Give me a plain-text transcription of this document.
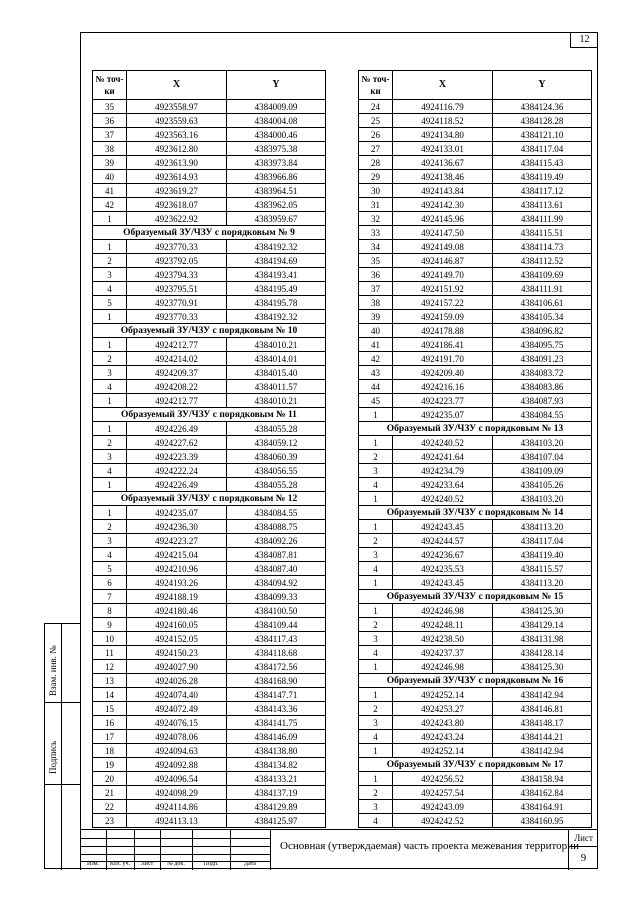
12
№ точ-ки	X	Y
35	4923558.97	4384009.09
36	4923559.63	4384004.08
37	4923563.16	4384000.46
38	4923612.80	4383975.38
39	4923613.90	4383973.84
40	4923614.93	4383966.86
41	4923619.27	4383964.51
42	4923618.07	4383962.05
1	4923622.92	4383959.67
Образуемый ЗУ/ЧЗУ с порядковым № 9		
1	4923770.33	4384192.32
2	4923792.05	4384194.69
3	4923794.33	4384193.41
4	4923795.51	4384195.49
5	4923770.91	4384195.78
1	4923770.33	4384192.32
Образуемый ЗУ/ЧЗУ с порядковым № 10		
1	4924212.77	4384010.21
2	4924214.02	4384014.01
3	4924209.37	4384015.40
4	4924208.22	4384011.57
1	4924212.77	4384010.21
Образуемый ЗУ/ЧЗУ с порядковым № 11		
1	4924226.49	4384055.28
2	4924227.62	4384059.12
3	4924223.39	4384060.39
4	4924222.24	4384056.55
1	4924226.49	4384055.28
Образуемый ЗУ/ЧЗУ с порядковым № 12		
1	4924235.07	4384084.55
2	4924236.30	4384088.75
3	4924223.27	4384092.26
4	4924215.04	4384087.81
5	4924210.96	4384087.40
6	4924193.26	4384094.92
7	4924188.19	4384099.33
8	4924180.46	4384100.50
9	4924160.05	4384109.44
10	4924152.05	4384117.43
11	4924150.23	4384118.68
12	4924027.90	4384172.56
13	4924026.28	4384168.90
14	4924074.40	4384147.71
15	4924072.49	4384143.36
16	4924076.15	4384141.75
17	4924078.06	4384146.09
18	4924094.63	4384138.80
19	4924092.88	4384134.82
20	4924096.54	4384133.21
21	4924098.29	4384137.19
22	4924114.86	4384129.89
23	4924113.13	4384125.97
№ точ-ки	X	Y
24	4924116.79	4384124.36
25	4924118.52	4384128.28
26	4924134.80	4384121.10
27	4924133.01	4384117.04
28	4924136.67	4384115.43
29	4924138.46	4384119.49
30	4924143.84	4384117.12
31	4924142.30	4384113.61
32	4924145.96	4384111.99
33	4924147.50	4384115.51
34	4924149.08	4384114.73
35	4924146.87	4384112.52
36	4924149.70	4384109.69
37	4924151.92	4384111.91
38	4924157.22	4384106.61
39	4924159.09	4384105.34
40	4924178.88	4384096.82
41	4924186.41	4384095.75
42	4924191.70	4384091.23
43	4924209.40	4384083.72
44	4924216.16	4384083.86
45	4924223.77	4384087.93
1	4924235.07	4384084.55
Образуемый ЗУ/ЧЗУ с порядковым № 13		
1	4924240.52	4384103.20
2	4924241.64	4384107.04
3	4924234.79	4384109.09
4	4924233.64	4384105.26
1	4924240.52	4384103.20
Образуемый ЗУ/ЧЗУ с порядковым № 14		
1	4924243.45	4384113.20
2	4924244.57	4384117.04
3	4924236.67	4384119.40
4	4924235.53	4384115.57
1	4924243.45	4384113.20
Образуемый ЗУ/ЧЗУ с порядковым № 15		
1	4924246.98	4384125.30
2	4924248.11	4384129.14
3	4924238.50	4384131.98
4	4924237.37	4384128.14
1	4924246.98	4384125.30
Образуемый ЗУ/ЧЗУ с порядковым № 16		
1	4924252.14	4384142.94
2	4924253.27	4384146.81
3	4924243.80	4384148.17
4	4924243.24	4384144.21
1	4924252.14	4384142.94
Образуемый ЗУ/ЧЗУ с порядковым № 17		
1	4924256.52	4384158.94
2	4924257.54	4384162.84
3	4924243.09	4384164.91
4	4924242.52	4384160.95
Взам. инв. №
Подпись
Изм.	Кол. уч.	Лист	№ док.	Подп.	Дата
Основная (утверждаемая) часть проекта межевания территории
Лист
9
